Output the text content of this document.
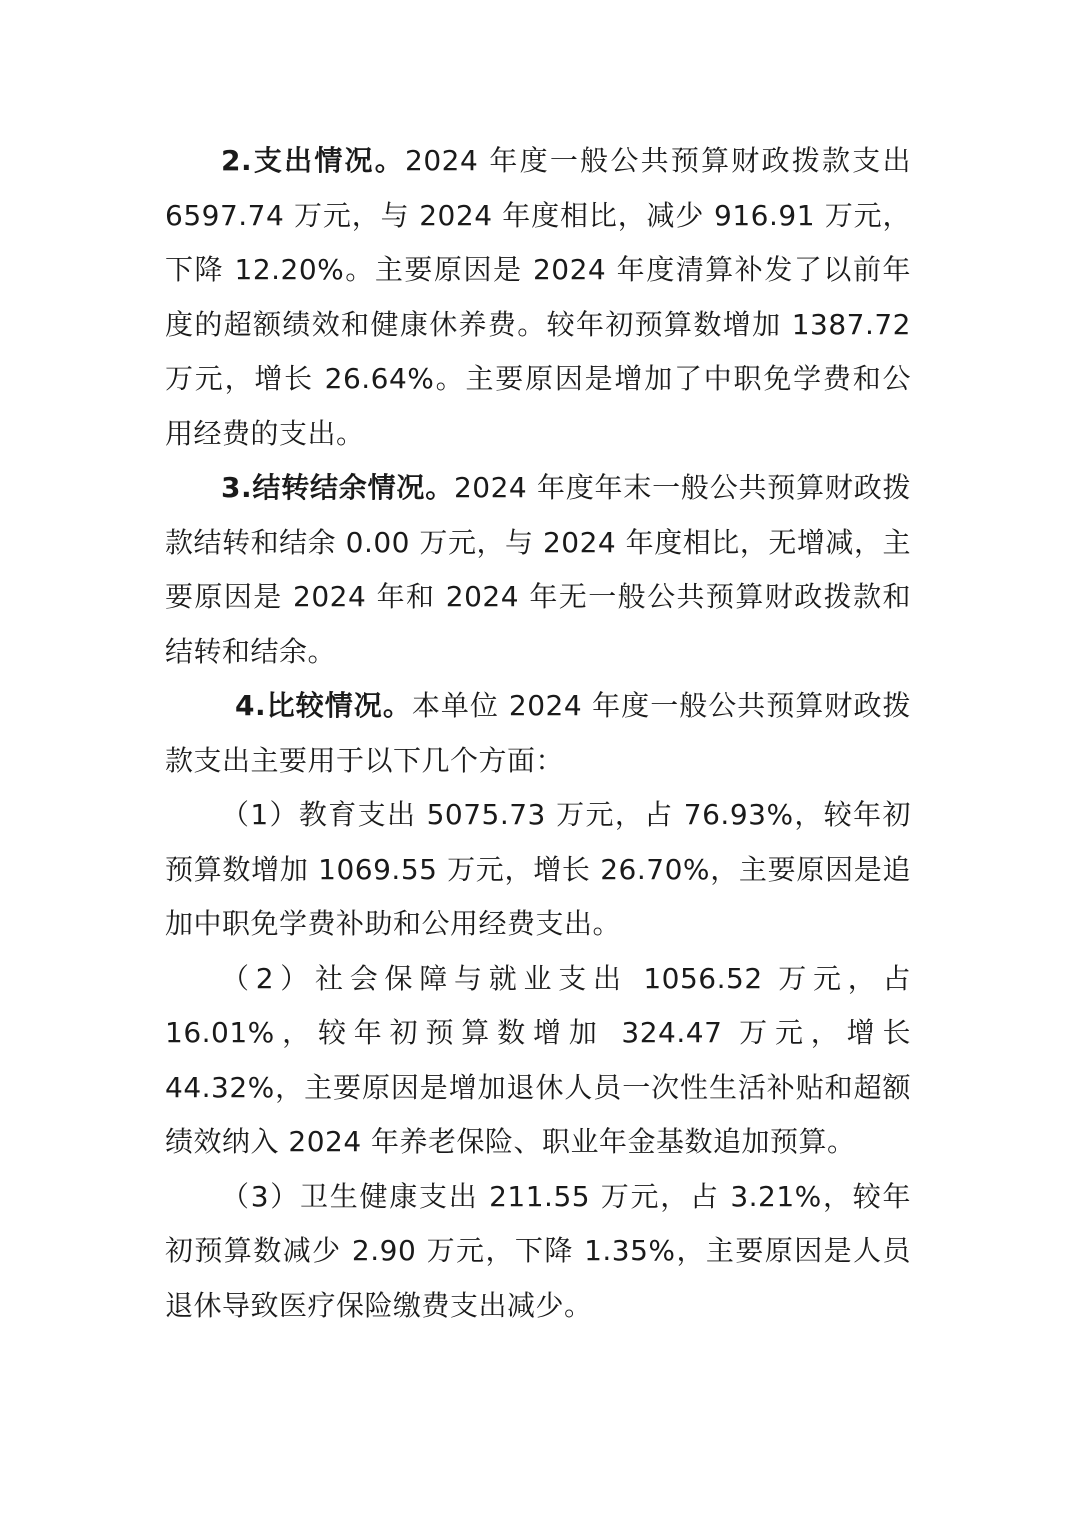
2.支出情况。2024 年度一般公共预算财政拨款支出 6597.74 万元，与 2024 年度相比，减少 916.91 万元，下降 12.20%。主要原因是 2024 年度清算补发了以前年度的超额绩效和健康休养费。较年初预算数增加 1387.72 万元，增长 26.64%。主要原因是增加了中职免学费和公用经费的支出。

3.结转结余情况。2024 年度年末一般公共预算财政拨款结转和结余 0.00 万元，与 2024 年度相比，无增减，主要原因是 2024 年和 2024 年无一般公共预算财政拨款和结转和结余。

4.比较情况。本单位 2024 年度一般公共预算财政拨款支出主要用于以下几个方面：

（1）教育支出 5075.73 万元，占 76.93%，较年初预算数增加 1069.55 万元，增长 26.70%，主要原因是追加中职免学费补助和公用经费支出。

（2）社会保障与就业支出 1056.52 万元，占 16.01%，较年初预算数增加 324.47 万元，增长 44.32%，主要原因是增加退休人员一次性生活补贴和超额绩效纳入 2024 年养老保险、职业年金基数追加预算。

（3）卫生健康支出 211.55 万元，占 3.21%，较年初预算数减少 2.90 万元，下降 1.35%，主要原因是人员退休导致医疗保险缴费支出减少。
